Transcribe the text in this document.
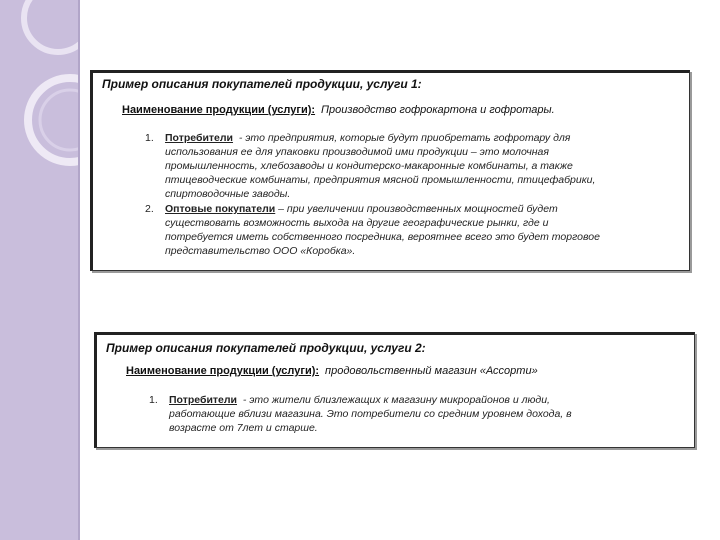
Пример описания покупателей продукции, услуги 1:
Наименование продукции (услуги): Производство гофрокартона и гофротары.
1. Потребители - это предприятия, которые будут приобретать гофротару для
использования ее для упаковки производимой ими продукции – это молочная
промышленность, хлебозаводы и кондитерско-макаронные комбинаты, а также
птицеводческие комбинаты, предприятия мясной промышленности, птицефабрики,
спиртоводочные заводы.
2. Оптовые покупатели – при увеличении производственных мощностей будет
существовать возможность выхода на другие географические рынки, где и
потребуется иметь собственного посредника, вероятнее всего это будет торговое
представительство ООО «Коробка».
Пример описания покупателей продукции, услуги 2:
Наименование продукции (услуги): продовольственный магазин «Ассорти»
1. Потребители - это жители близлежащих к магазину микрорайонов и люди,
работающие вблизи магазина. Это потребители со средним уровнем дохода, в
возрасте от 7лет и старше.
